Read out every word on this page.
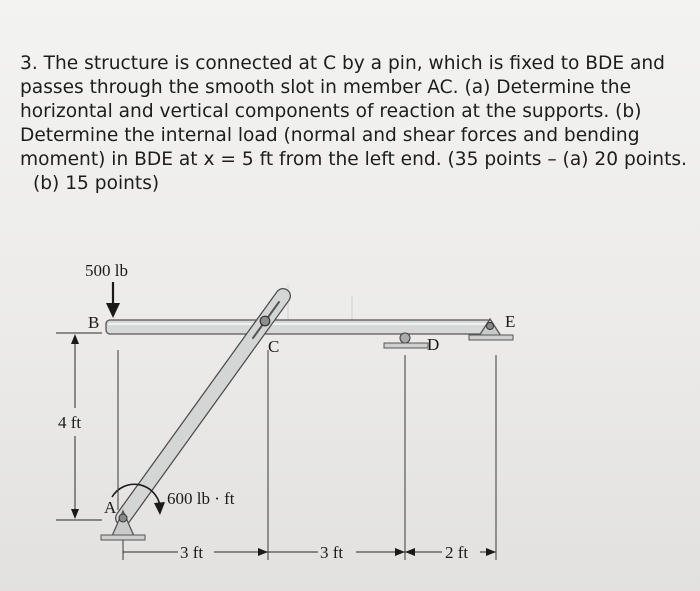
3. The structure is connected at C by a pin, which is fixed to BDE and
passes through the smooth slot in member AC. (a) Determine the
horizontal and vertical components of reaction at the supports. (b)
Determine the internal load (normal and shear forces and bending
moment) in BDE at x = 5 ft from the left end. (35 points – (a) 20 points.
(b) 15 points)
500 lb
B
C	D
E
A
4 ft
600 lb · ft
3 ft	3 ft	2 ft
